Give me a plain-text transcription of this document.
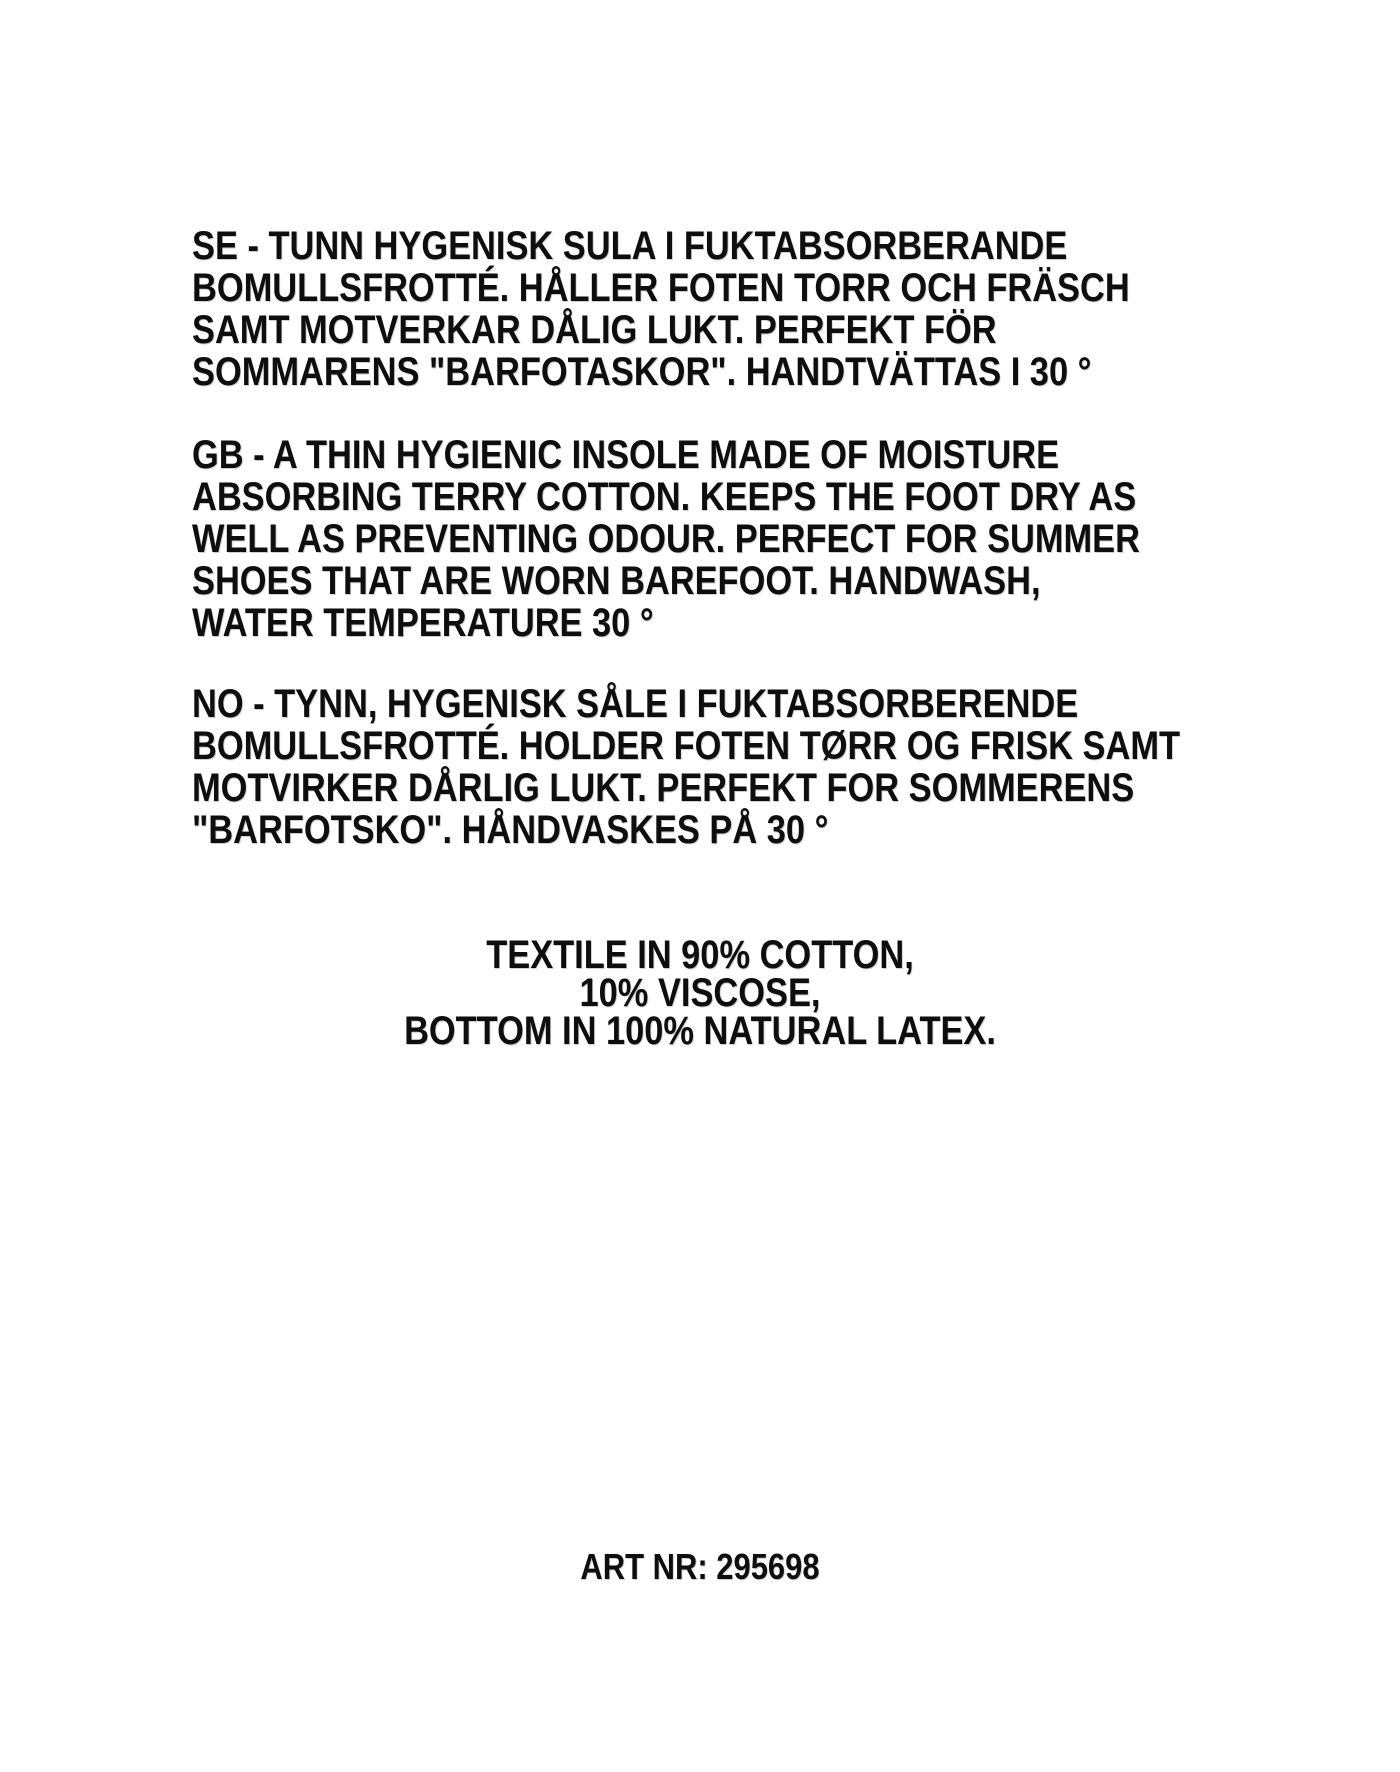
SE - TUNN HYGENISK SULA I FUKTABSORBERANDE
BOMULLSFROTTÉ. HÅLLER FOTEN TORR OCH FRÄSCH
SAMT MOTVERKAR DÅLIG LUKT. PERFEKT FÖR
SOMMARENS "BARFOTASKOR". HANDTVÄTTAS I 30 °
GB - A THIN HYGIENIC INSOLE MADE OF MOISTURE
ABSORBING TERRY COTTON. KEEPS THE FOOT DRY AS
WELL AS PREVENTING ODOUR. PERFECT FOR SUMMER
SHOES THAT ARE WORN BAREFOOT. HANDWASH,
WATER TEMPERATURE 30 °
NO - TYNN, HYGENISK SÅLE I FUKTABSORBERENDE
BOMULLSFROTTÉ. HOLDER FOTEN TØRR OG FRISK SAMT
MOTVIRKER DÅRLIG LUKT. PERFEKT FOR SOMMERENS
"BARFOTSKO". HÅNDVASKES PÅ 30 °
TEXTILE IN 90% COTTON,
10% VISCOSE,
BOTTOM IN 100% NATURAL LATEX.
ART NR: 295698
